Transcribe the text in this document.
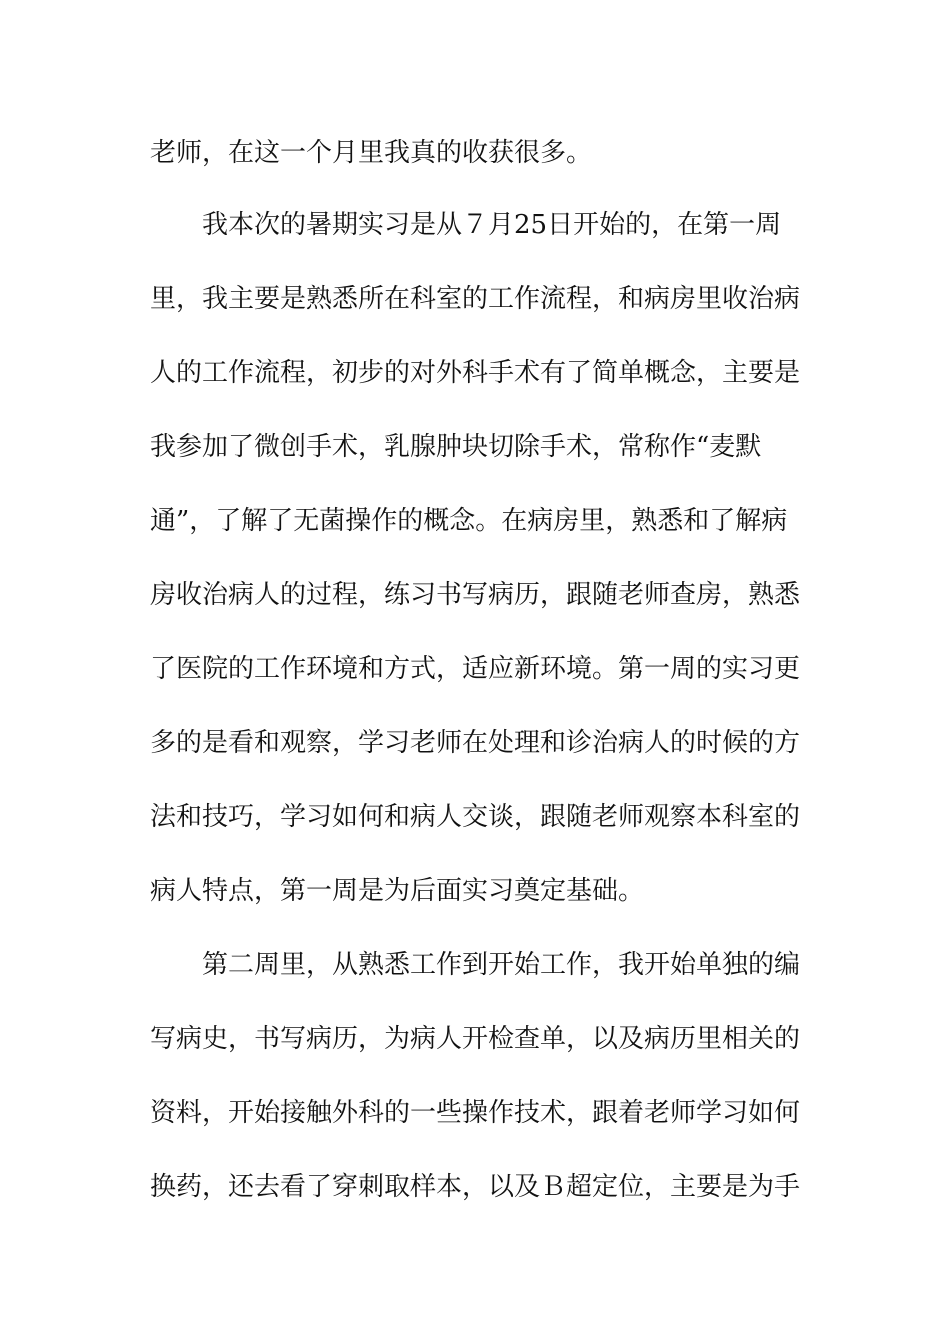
老师，在这一个月里我真的收获很多。
我本次的暑期实习是从７月25日开始的，在第一周
里，我主要是熟悉所在科室的工作流程，和病房里收治病
人的工作流程，初步的对外科手术有了简单概念，主要是
我参加了微创手术，乳腺肿块切除手术，常称作“麦默
通”，了解了无菌操作的概念。在病房里，熟悉和了解病
房收治病人的过程，练习书写病历，跟随老师查房，熟悉
了医院的工作环境和方式，适应新环境。第一周的实习更
多的是看和观察，学习老师在处理和诊治病人的时候的方
法和技巧，学习如何和病人交谈，跟随老师观察本科室的
病人特点，第一周是为后面实习奠定基础。
第二周里，从熟悉工作到开始工作，我开始单独的编
写病史，书写病历，为病人开检查单，以及病历里相关的
资料，开始接触外科的一些操作技术，跟着老师学习如何
换药，还去看了穿刺取样本，以及Ｂ超定位，主要是为手
